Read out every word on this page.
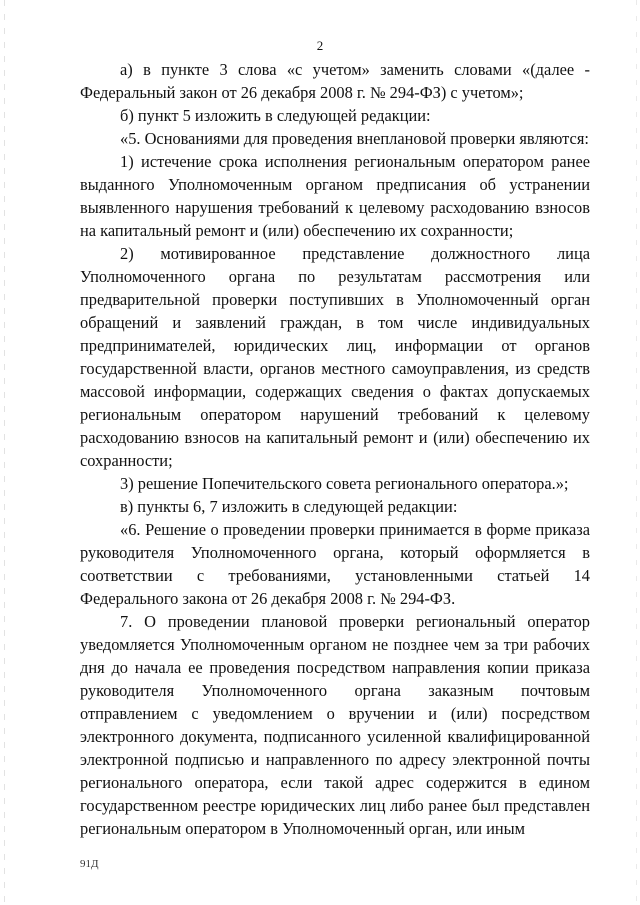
2

а) в пункте 3 слова «с учетом» заменить словами «(далее - Федеральный закон от 26 декабря 2008 г. № 294-ФЗ) с учетом»;

б) пункт 5 изложить в следующей редакции:

«5. Основаниями для проведения внеплановой проверки являются:

1) истечение срока исполнения региональным оператором ранее выданного Уполномоченным органом предписания об устранении выявленного нарушения требований к целевому расходованию взносов на капитальный ремонт и (или) обеспечению их сохранности;

2) мотивированное представление должностного лица Уполномоченного органа по результатам рассмотрения или предварительной проверки поступивших в Уполномоченный орган обращений и заявлений граждан, в том числе индивидуальных предпринимателей, юридических лиц, информации от органов государственной власти, органов местного самоуправления, из средств массовой информации, содержащих сведения о фактах допускаемых региональным оператором нарушений требований к целевому расходованию взносов на капитальный ремонт и (или) обеспечению их сохранности;

3) решение Попечительского совета регионального оператора.»;

в) пункты 6, 7 изложить в следующей редакции:

«6. Решение о проведении проверки принимается в форме приказа руководителя Уполномоченного органа, который оформляется в соответствии с требованиями, установленными статьей 14 Федерального закона от 26 декабря 2008 г. № 294-ФЗ.

7. О проведении плановой проверки региональный оператор уведомляется Уполномоченным органом не позднее чем за три рабочих дня до начала ее проведения посредством направления копии приказа руководителя Уполномоченного органа заказным почтовым отправлением с уведомлением о вручении и (или) посредством электронного документа, подписанного усиленной квалифицированной электронной подписью и направленного по адресу электронной почты регионального оператора, если такой адрес содержится в едином государственном реестре юридических лиц либо ранее был представлен региональным оператором в Уполномоченный орган, или иным

91Д
